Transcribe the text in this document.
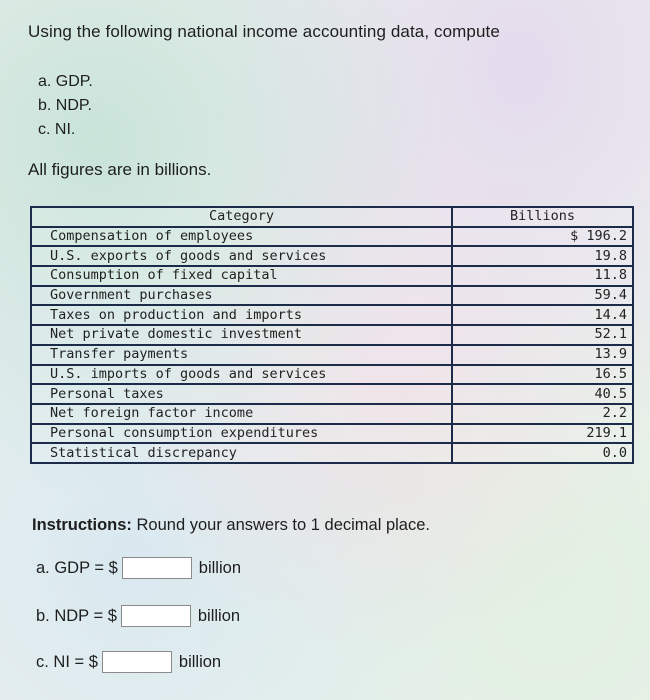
Using the following national income accounting data, compute
a. GDP.
b. NDP.
c. NI.
All figures are in billions.
Category	Billions
Compensation of employees	$ 196.2
U.S. exports of goods and services	19.8
Consumption of fixed capital	11.8
Government purchases	59.4
Taxes on production and imports	14.4
Net private domestic investment	52.1
Transfer payments	13.9
U.S. imports of goods and services	16.5
Personal taxes	40.5
Net foreign factor income	2.2
Personal consumption expenditures	219.1
Statistical discrepancy	0.0
Instructions: Round your answers to 1 decimal place.
a. GDP = $	billion
b. NDP = $	billion
c. NI = $	billion
